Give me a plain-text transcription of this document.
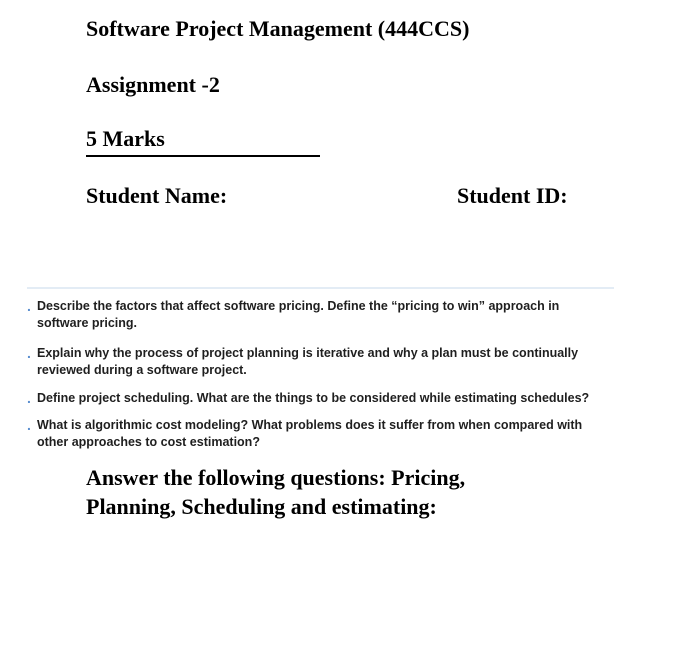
Software Project Management (444CCS)
Assignment -2
5 Marks
Student Name:	Student ID:
. Describe the factors that affect software pricing. Define the “pricing to win” approach in software pricing.
. Explain why the process of project planning is iterative and why a plan must be continually reviewed during a software project.
. Define project scheduling. What are the things to be considered while estimating schedules?
. What is algorithmic cost modeling? What problems does it suffer from when compared with other approaches to cost estimation?
Answer the following questions: Pricing, Planning, Scheduling and estimating:
